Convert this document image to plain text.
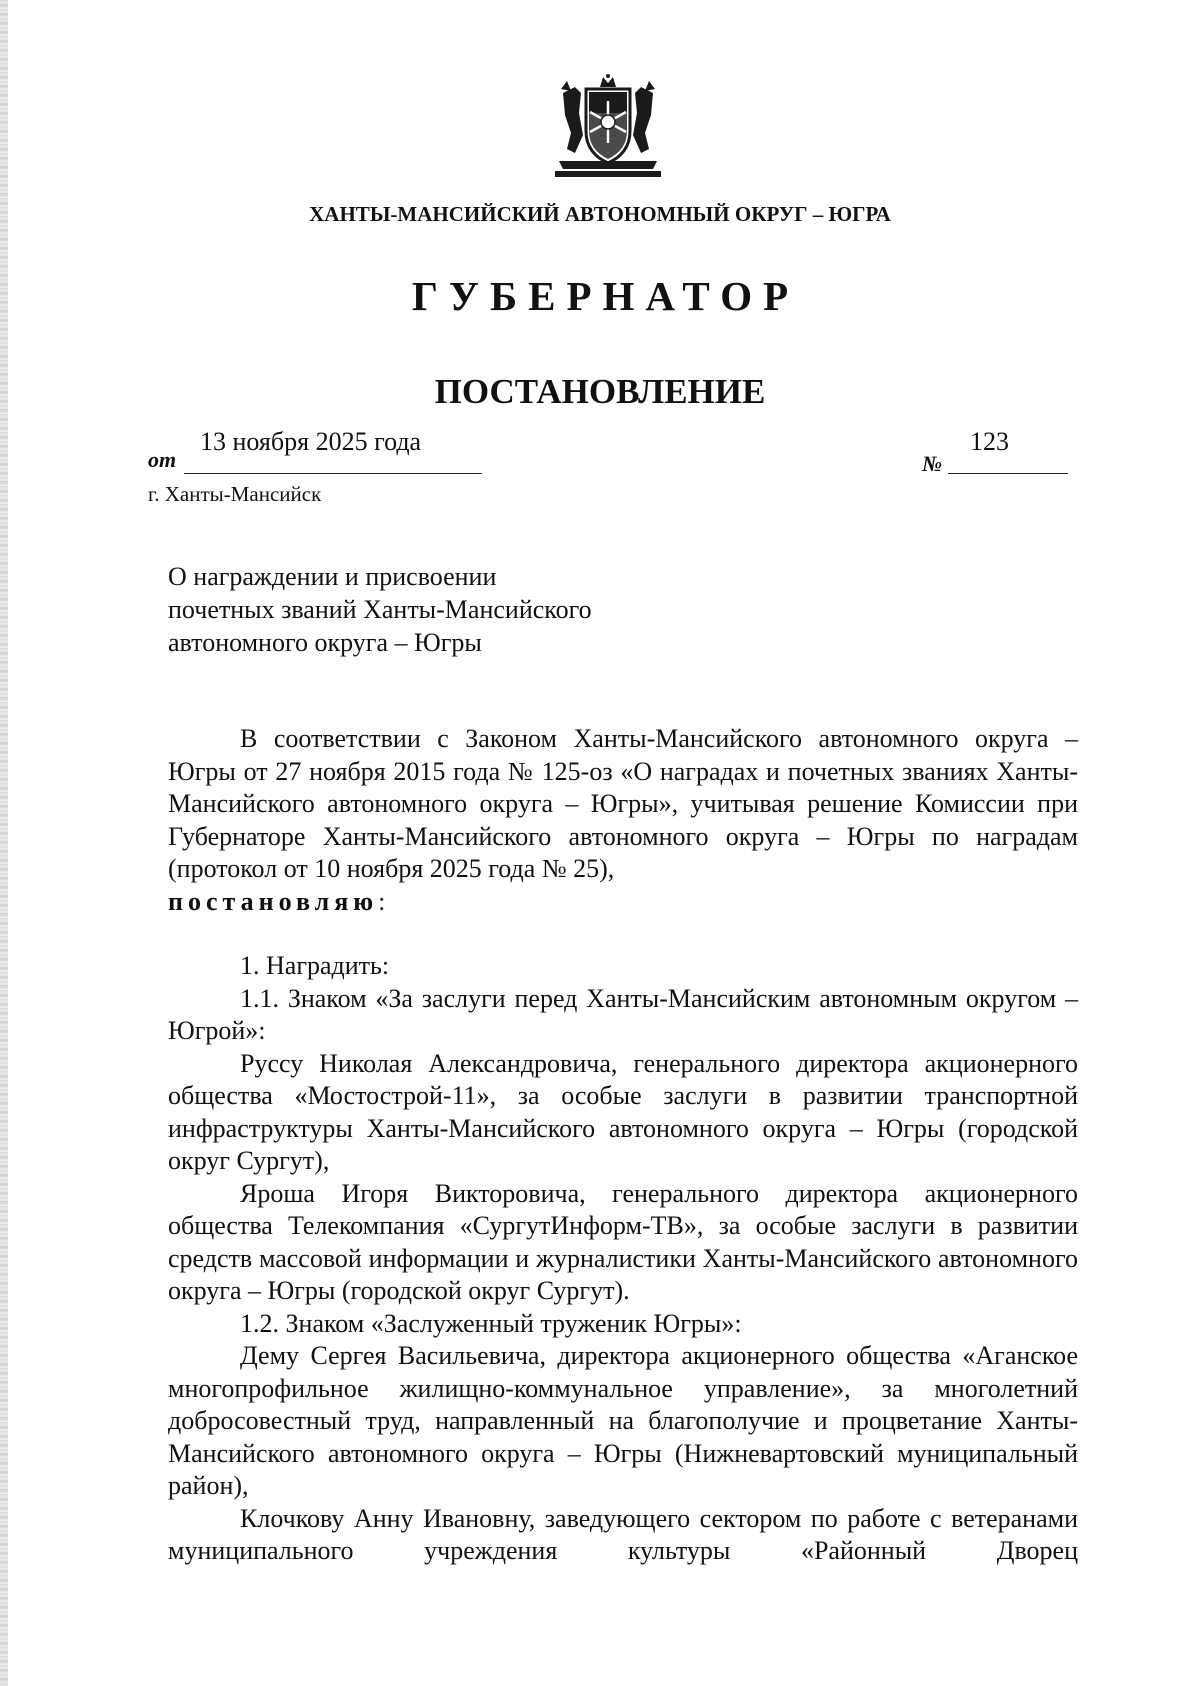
ХАНТЫ-МАНСИЙСКИЙ АВТОНОМНЫЙ ОКРУГ – ЮГРА
ГУБЕРНАТОР
ПОСТАНОВЛЕНИЕ
от
13 ноября 2025 года
№
123
г. Ханты-Мансийск
О награждении и присвоении
почетных званий Ханты-Мансийского
автономного округа – Югры

В соответствии с Законом Ханты-Мансийского автономного округа – Югры от 27 ноября 2015 года № 125-оз «О наградах и почетных званиях Ханты-Мансийского автономного округа – Югры», учитывая решение Комиссии при Губернаторе Ханты-Мансийского автономного округа – Югры по наградам (протокол от 10 ноября 2025 года № 25),

постановляю:

1. Наградить:

1.1. Знаком «За заслуги перед Ханты-Мансийским автономным округом – Югрой»:

Руссу Николая Александровича, генерального директора акционерного общества «Мостострой-11», за особые заслуги в развитии транспортной инфраструктуры Ханты-Мансийского автономного округа – Югры (городской округ Сургут),

Яроша Игоря Викторовича, генерального директора акционерного общества Телекомпания «СургутИнформ-ТВ», за особые заслуги в развитии средств массовой информации и журналистики Ханты-Мансийского автономного округа – Югры (городской округ Сургут).

1.2. Знаком «Заслуженный труженик Югры»:

Дему Сергея Васильевича, директора акционерного общества «Аганское многопрофильное жилищно-коммунальное управление», за многолетний добросовестный труд, направленный на благополучие и процветание Ханты-Мансийского автономного округа – Югры (Нижневартовский муниципальный район),

Клочкову Анну Ивановну, заведующего сектором по работе с ветеранами муниципального учреждения культуры «Районный Дворец
